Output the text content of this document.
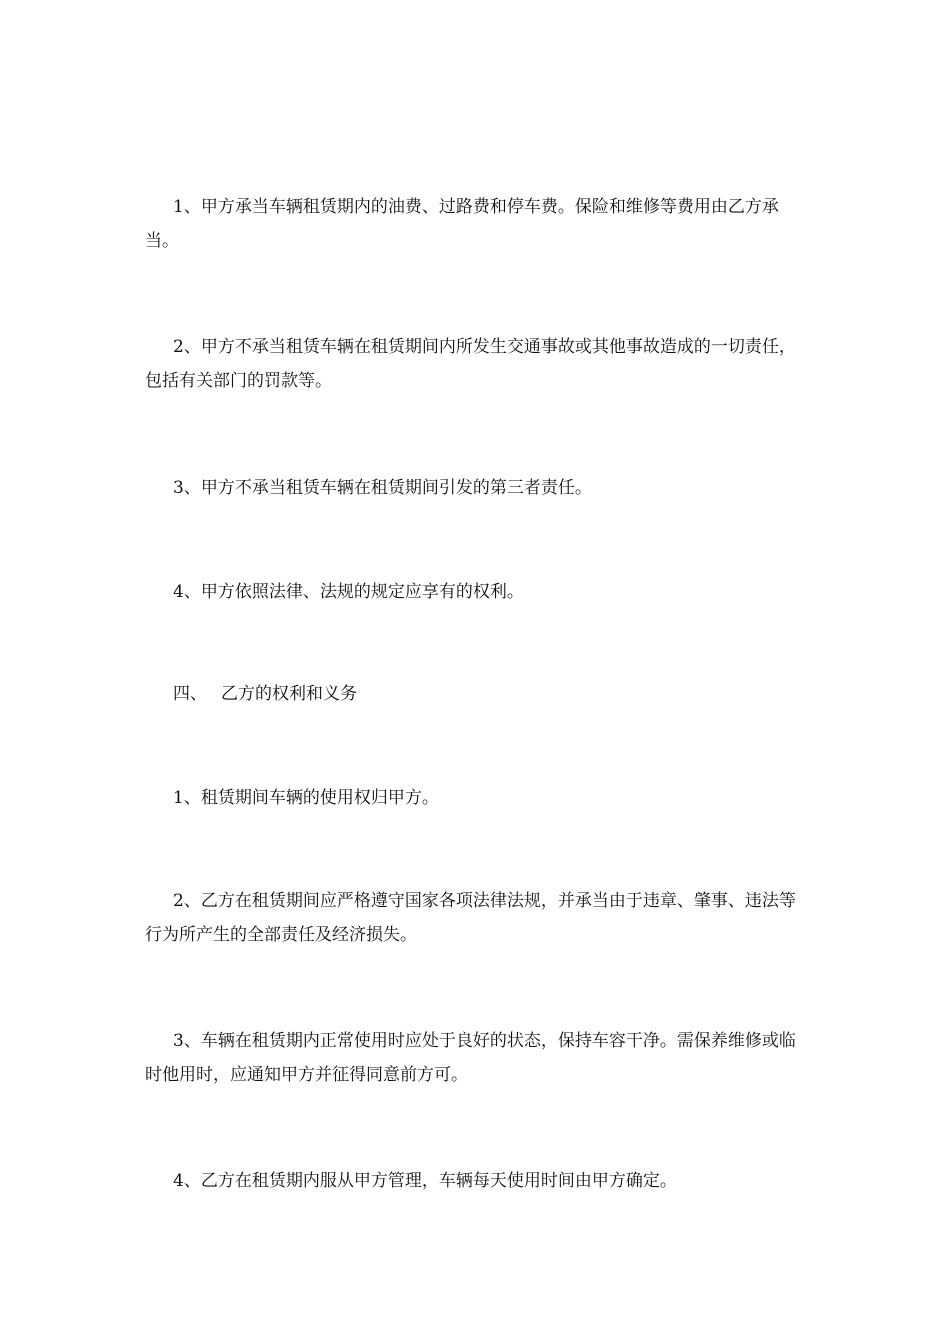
1、甲方承当车辆租赁期内的油费、过路费和停车费。保险和维修等费用由乙方承当。

2、甲方不承当租赁车辆在租赁期间内所发生交通事故或其他事故造成的一切责任，包括有关部门的罚款等。

3、甲方不承当租赁车辆在租赁期间引发的第三者责任。

4、甲方依照法律、法规的规定应享有的权利。

四、 乙方的权利和义务

1、租赁期间车辆的使用权归甲方。

2、乙方在租赁期间应严格遵守国家各项法律法规，并承当由于违章、肇事、违法等行为所产生的全部责任及经济损失。

3、车辆在租赁期内正常使用时应处于良好的状态，保持车容干净。需保养维修或临时他用时，应通知甲方并征得同意前方可。

4、乙方在租赁期内服从甲方管理，车辆每天使用时间由甲方确定。
